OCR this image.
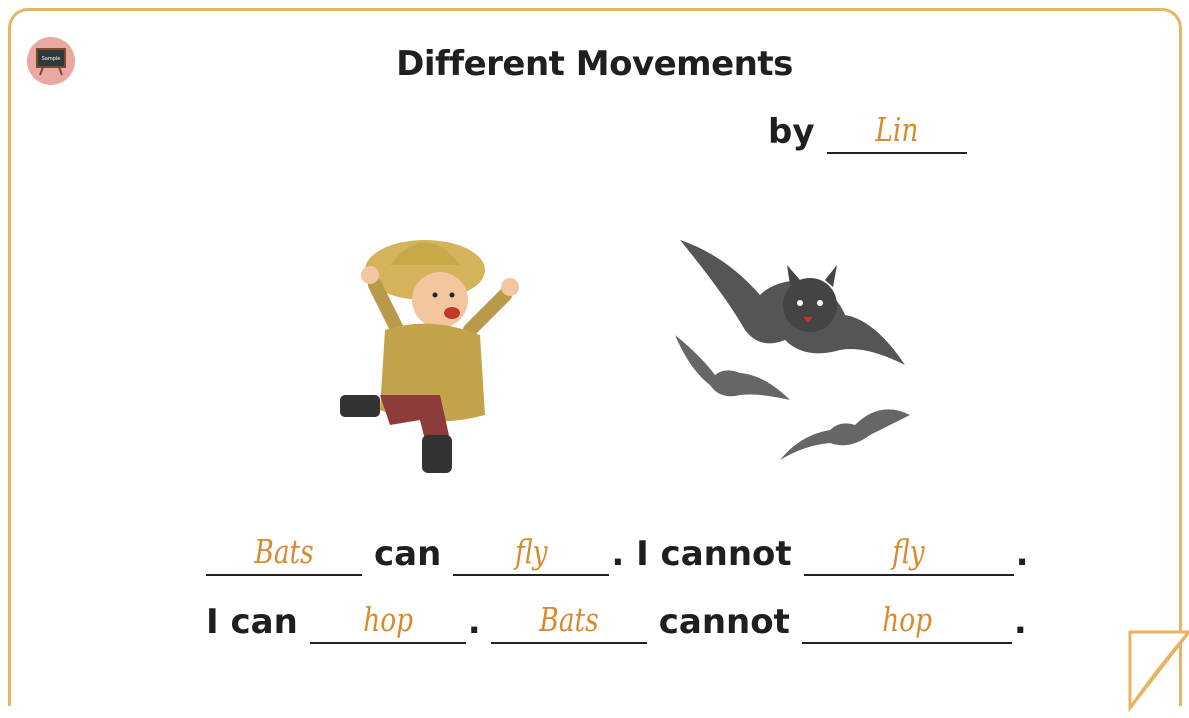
Sample	Different Movements
by	Lin
Bats	can	fly	. I cannot	fly	.
I can	hop	.	Bats	cannot	hop	.
